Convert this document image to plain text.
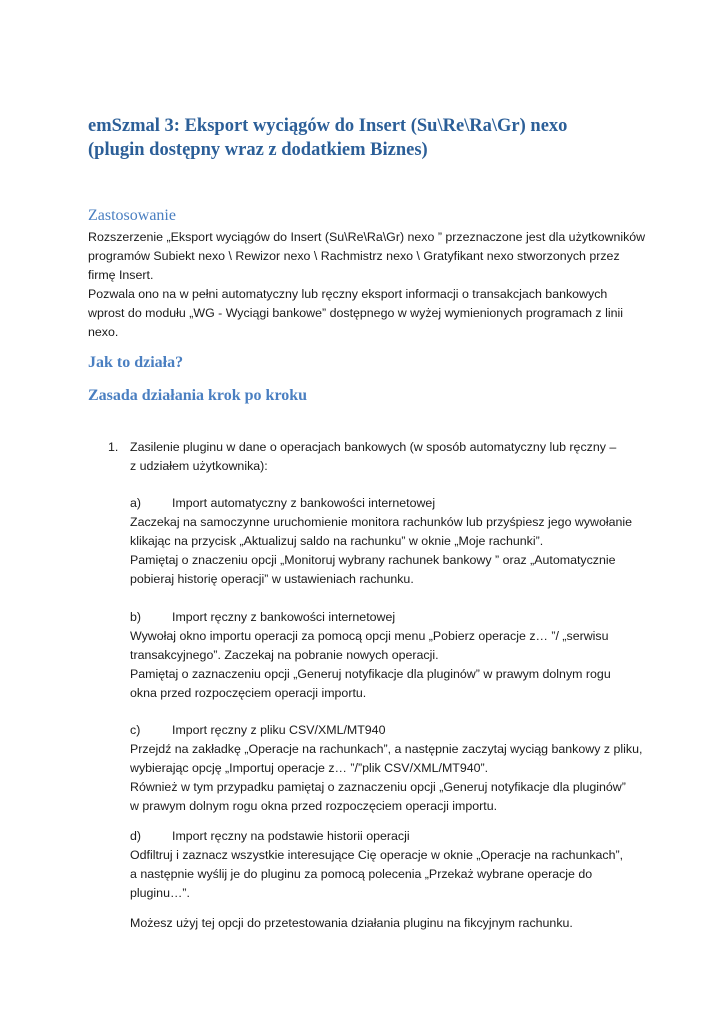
emSzmal 3: Eksport wyciągów do Insert (Su\Re\Ra\Gr) nexo
(plugin dostępny wraz z dodatkiem Biznes)
Zastosowanie
Rozszerzenie „Eksport wyciągów do Insert (Su\Re\Ra\Gr) nexo ” przeznaczone jest dla użytkowników
programów Subiekt nexo \ Rewizor nexo \ Rachmistrz nexo \ Gratyfikant nexo stworzonych przez
firmę Insert.
Pozwala ono na w pełni automatyczny lub ręczny eksport informacji o transakcjach bankowych
wprost do modułu „WG - Wyciągi bankowe” dostępnego w wyżej wymienionych programach z linii
nexo.
Jak to działa?
Zasada działania krok po kroku
1. Zasilenie pluginu w dane o operacjach bankowych (w sposób automatyczny lub ręczny –
z udziałem użytkownika):
a) Import automatyczny z bankowości internetowej
Zaczekaj na samoczynne uruchomienie monitora rachunków lub przyśpiesz jego wywołanie
klikając na przycisk „Aktualizuj saldo na rachunku” w oknie „Moje rachunki”.
Pamiętaj o znaczeniu opcji „Monitoruj wybrany rachunek bankowy ” oraz „Automatycznie
pobieraj historię operacji” w ustawieniach rachunku.
b) Import ręczny z bankowości internetowej
Wywołaj okno importu operacji za pomocą opcji menu „Pobierz operacje z… ”/ „serwisu
transakcyjnego”. Zaczekaj na pobranie nowych operacji.
Pamiętaj o zaznaczeniu opcji „Generuj notyfikacje dla pluginów” w prawym dolnym rogu
okna przed rozpoczęciem operacji importu.
c)	Import ręczny z pliku CSV/XML/MT940
Przejdź na zakładkę „Operacje na rachunkach”, a następnie zaczytaj wyciąg bankowy z pliku,
wybierając opcję „Importuj operacje z… ”/”plik CSV/XML/MT940”.
Również w tym przypadku pamiętaj o zaznaczeniu opcji „Generuj notyfikacje dla pluginów”
w prawym dolnym rogu okna przed rozpoczęciem operacji importu.
d) Import ręczny na podstawie historii operacji
Odfiltruj i zaznacz wszystkie interesujące Cię operacje w oknie „Operacje na rachunkach”,
a następnie wyślij je do pluginu za pomocą polecenia „Przekaż wybrane operacje do
pluginu…”.
Możesz użyj tej opcji do przetestowania działania pluginu na fikcyjnym rachunku.
